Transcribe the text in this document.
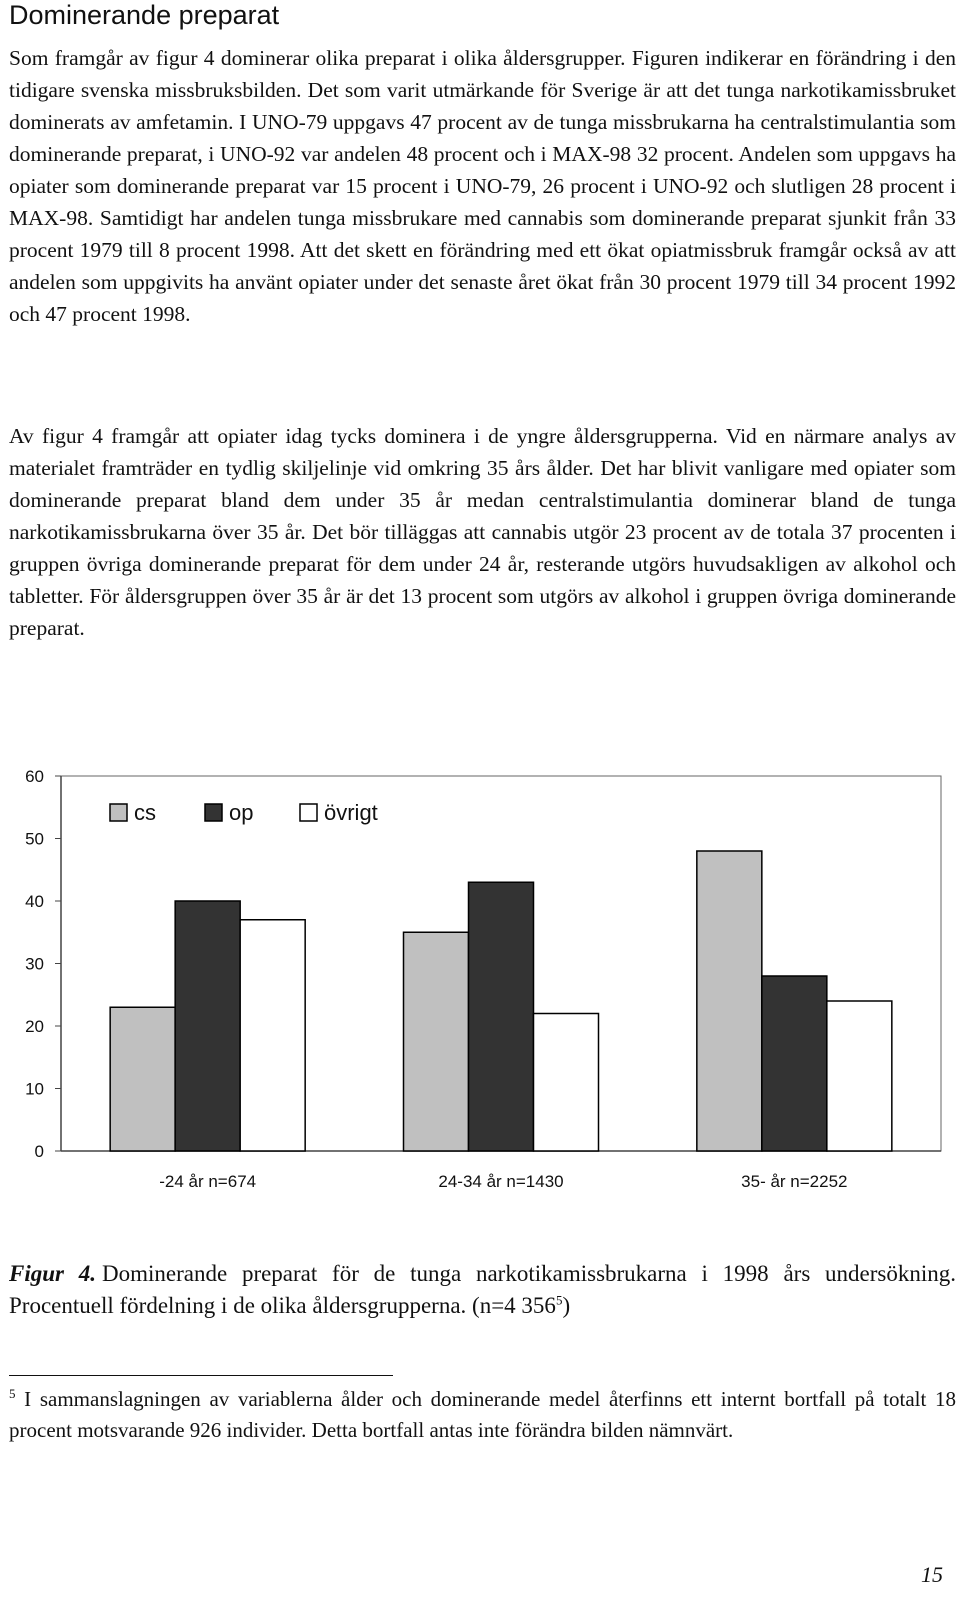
Dominerande preparat

Som framgår av figur 4 dominerar olika preparat i olika åldersgrupper. Figuren indikerar en förändring i den tidigare svenska missbruksbilden. Det som varit utmärkande för Sverige är att det tunga narkotikamissbruket dominerats av amfetamin. I UNO-79 uppgavs 47 procent av de tunga missbrukarna ha centralstimulantia som dominerande preparat, i UNO-92 var andelen 48 procent och i MAX-98 32 procent. Andelen som uppgavs ha opiater som dominerande preparat var 15 procent i UNO-79, 26 procent i UNO-92 och slutligen 28 procent i MAX-98. Samtidigt har andelen tunga missbrukare med cannabis som dominerande preparat sjunkit från 33 procent 1979 till 8 procent 1998. Att det skett en förändring med ett ökat opiatmissbruk framgår också av att andelen som uppgivits ha använt opiater under det senaste året ökat från 30 procent 1979 till 34 procent 1992 och 47 procent 1998.

Av figur 4 framgår att opiater idag tycks dominera i de yngre åldersgrupperna. Vid en närmare analys av materialet framträder en tydlig skiljelinje vid omkring 35 års ålder. Det har blivit vanligare med opiater som dominerande preparat bland dem under 35 år medan centralstimulantia dominerar bland de tunga narkotikamissbrukarna över 35 år. Det bör tilläggas att cannabis utgör 23 procent av de totala 37 procenten i gruppen övriga dominerande preparat för dem under 24 år, resterande utgörs huvudsakligen av alkohol och tabletter. För åldersgruppen över 35 år är det 13 procent som utgörs av alkohol i gruppen övriga dominerande preparat.

0
10
20
30
40
50
60
-24 år n=674	24-34 år n=1430	35- år n=2252
cs	op	övrigt

Figur 4. Dominerande preparat för de tunga narkotikamissbrukarna i 1998 års undersökning. Procentuell fördelning i de olika åldersgrupperna. (n=4 $356^5$)

$^5$ I sammanslagningen av variablerna ålder och dominerande medel återfinns ett internt bortfall på totalt 18 procent motsvarande 926 individer. Detta bortfall antas inte förändra bilden nämnvärt.

15
